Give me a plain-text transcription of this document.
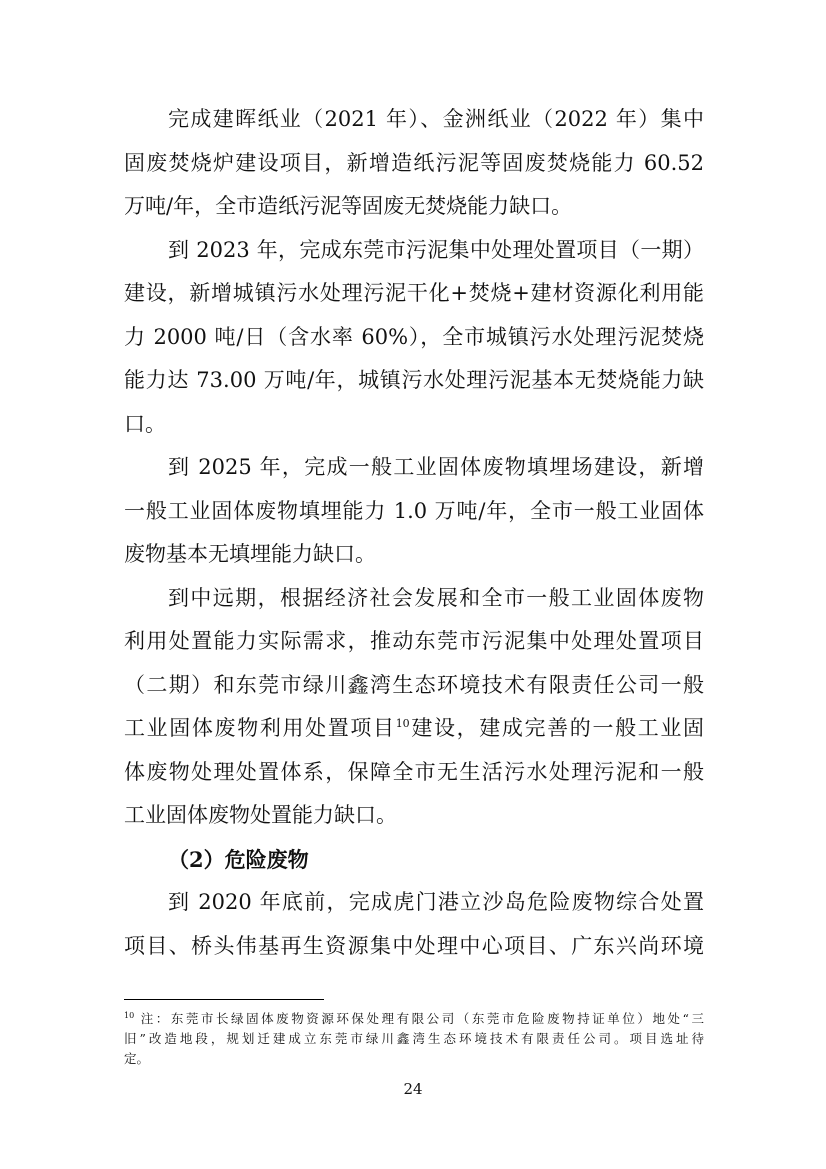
完成建晖纸业（2021 年）、金洲纸业（2022 年）集中
固废焚烧炉建设项目，新增造纸污泥等固废焚烧能力 60.52
万吨/年，全市造纸污泥等固废无焚烧能力缺口。
到 2023 年，完成东莞市污泥集中处理处置项目（一期）
建设，新增城镇污水处理污泥干化+焚烧+建材资源化利用能
力 2000 吨/日（含水率 60%），全市城镇污水处理污泥焚烧
能力达 73.00 万吨/年，城镇污水处理污泥基本无焚烧能力缺
口。
到 2025 年，完成一般工业固体废物填埋场建设，新增
一般工业固体废物填埋能力 1.0 万吨/年，全市一般工业固体
废物基本无填埋能力缺口。
到中远期，根据经济社会发展和全市一般工业固体废物
利用处置能力实际需求，推动东莞市污泥集中处理处置项目
（二期）和东莞市绿川鑫湾生态环境技术有限责任公司一般
工业固体废物利用处置项目$^{10}$建设，建成完善的一般工业固
体废物处理处置体系，保障全市无生活污水处理污泥和一般
工业固体废物处置能力缺口。
（2）危险废物
到 2020 年底前，完成虎门港立沙岛危险废物综合处置
项目、桥头伟基再生资源集中处理中心项目、广东兴尚环境
$^{10}$ 注：东莞市长绿固体废物资源环保处理有限公司（东莞市危险废物持证单位）地处“三
旧”改造地段，规划迁建成立东莞市绿川鑫湾生态环境技术有限责任公司。项目选址待
定。
24
